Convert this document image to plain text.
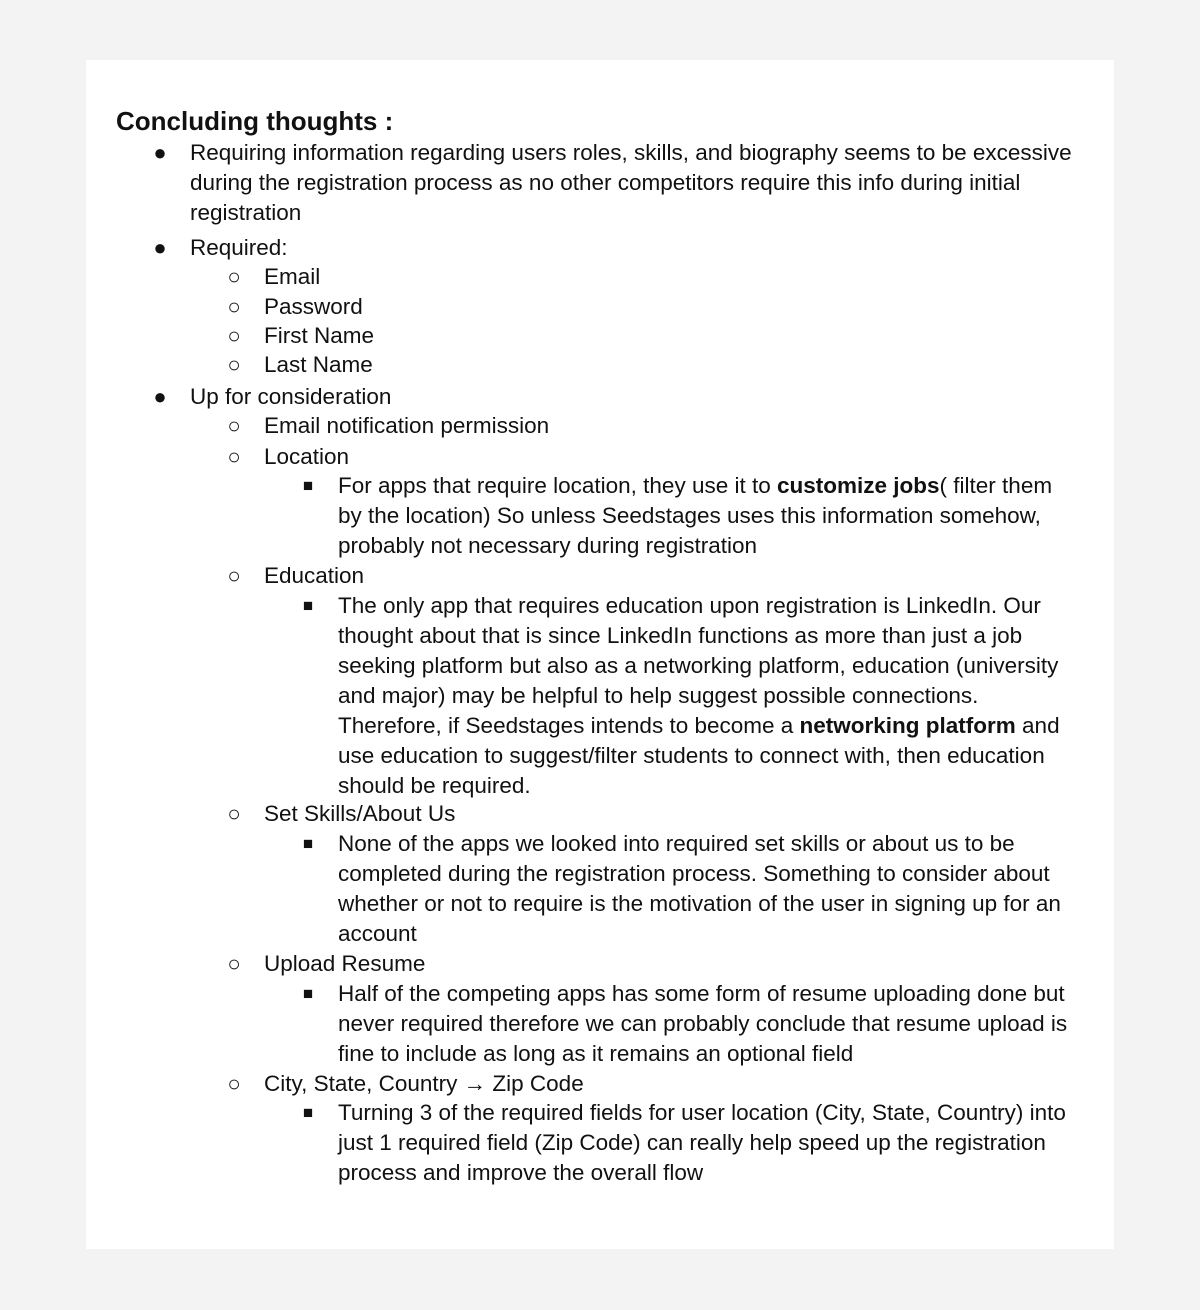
Concluding thoughts :
● Requiring information regarding users roles, skills, and biography seems to be excessive during the registration process as no other competitors require this info during initial registration
● Required:
○ Email
○ Password
○ First Name
○ Last Name
● Up for consideration
○ Email notification permission
○ Location
■ For apps that require location, they use it to customize jobs( filter them by the location) So unless Seedstages uses this information somehow, probably not necessary during registration
○ Education
■ The only app that requires education upon registration is LinkedIn. Our thought about that is since LinkedIn functions as more than just a job seeking platform but also as a networking platform, education (university and major) may be helpful to help suggest possible connections. Therefore, if Seedstages intends to become a networking platform and use education to suggest/filter students to connect with, then education should be required.
○ Set Skills/About Us
■ None of the apps we looked into required set skills or about us to be completed during the registration process. Something to consider about whether or not to require is the motivation of the user in signing up for an account
○ Upload Resume
■ Half of the competing apps has some form of resume uploading done but never required therefore we can probably conclude that resume upload is fine to include as long as it remains an optional field
○ City, State, Country → Zip Code
■ Turning 3 of the required fields for user location (City, State, Country) into just 1 required field (Zip Code) can really help speed up the registration process and improve the overall flow
